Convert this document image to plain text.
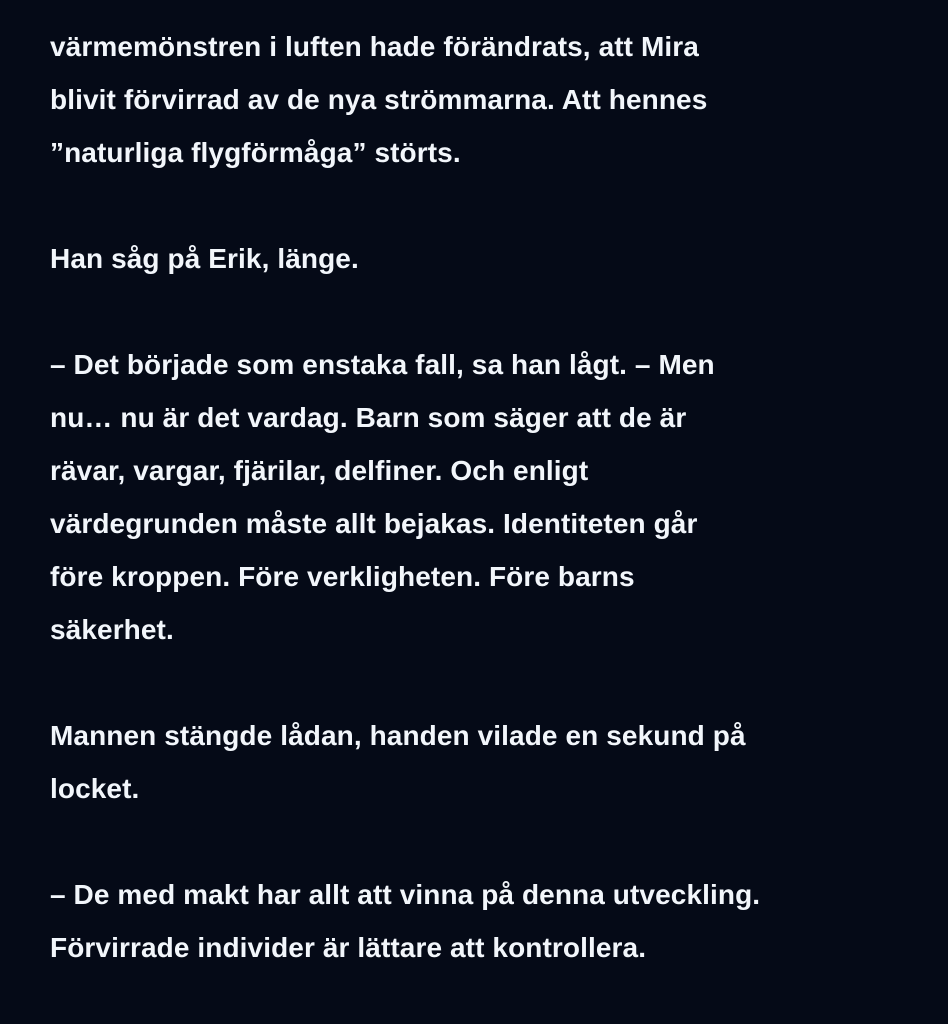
värmemönstren i luften hade förändrats, att Mira
blivit förvirrad av de nya strömmarna. Att hennes
”naturliga flygförmåga” störts.

Han såg på Erik, länge.

– Det började som enstaka fall, sa han lågt. – Men
nu… nu är det vardag. Barn som säger att de är
rävar, vargar, fjärilar, delfiner. Och enligt
värdegrunden måste allt bejakas. Identiteten går
före kroppen. Före verkligheten. Före barns
säkerhet.

Mannen stängde lådan, handen vilade en sekund på
locket.

– De med makt har allt att vinna på denna utveckling.
Förvirrade individer är lättare att kontrollera.
